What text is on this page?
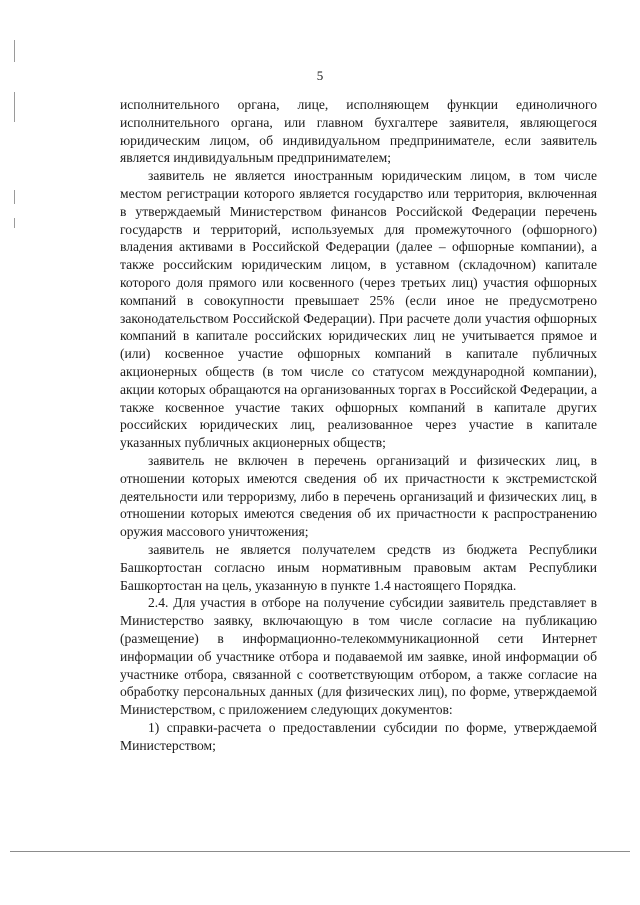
5

исполнительного органа, лице, исполняющем функции единоличного исполнительного органа, или главном бухгалтере заявителя, являющегося юридическим лицом, об индивидуальном предпринимателе, если заявитель является индивидуальным предпринимателем;

заявитель не является иностранным юридическим лицом, в том числе местом регистрации которого является государство или территория, включенная в утверждаемый Министерством финансов Российской Федерации перечень государств и территорий, используемых для промежуточного (офшорного) владения активами в Российской Федерации (далее – офшорные компании), а также российским юридическим лицом, в уставном (складочном) капитале которого доля прямого или косвенного (через третьих лиц) участия офшорных компаний в совокупности превышает 25% (если иное не предусмотрено законодательством Российской Федерации). При расчете доли участия офшорных компаний в капитале российских юридических лиц не учитывается прямое и (или) косвенное участие офшорных компаний в капитале публичных акционерных обществ (в том числе со статусом международной компании), акции которых обращаются на организованных торгах в Российской Федерации, а также косвенное участие таких офшорных компаний в капитале других российских юридических лиц, реализованное через участие в капитале указанных публичных акционерных обществ;

заявитель не включен в перечень организаций и физических лиц, в отношении которых имеются сведения об их причастности к экстремистской деятельности или терроризму, либо в перечень организаций и физических лиц, в отношении которых имеются сведения об их причастности к распространению оружия массового уничтожения;

заявитель не является получателем средств из бюджета Республики Башкортостан согласно иным нормативным правовым актам Республики Башкортостан на цель, указанную в пункте 1.4 настоящего Порядка.

2.4. Для участия в отборе на получение субсидии заявитель представляет в Министерство заявку, включающую в том числе согласие на публикацию (размещение) в информационно-телекоммуникационной сети Интернет информации об участнике отбора и подаваемой им заявке, иной информации об участнике отбора, связанной с соответствующим отбором, а также согласие на обработку персональных данных (для физических лиц), по форме, утверждаемой Министерством, с приложением следующих документов:

1) справки-расчета о предоставлении субсидии по форме, утверждаемой Министерством;
